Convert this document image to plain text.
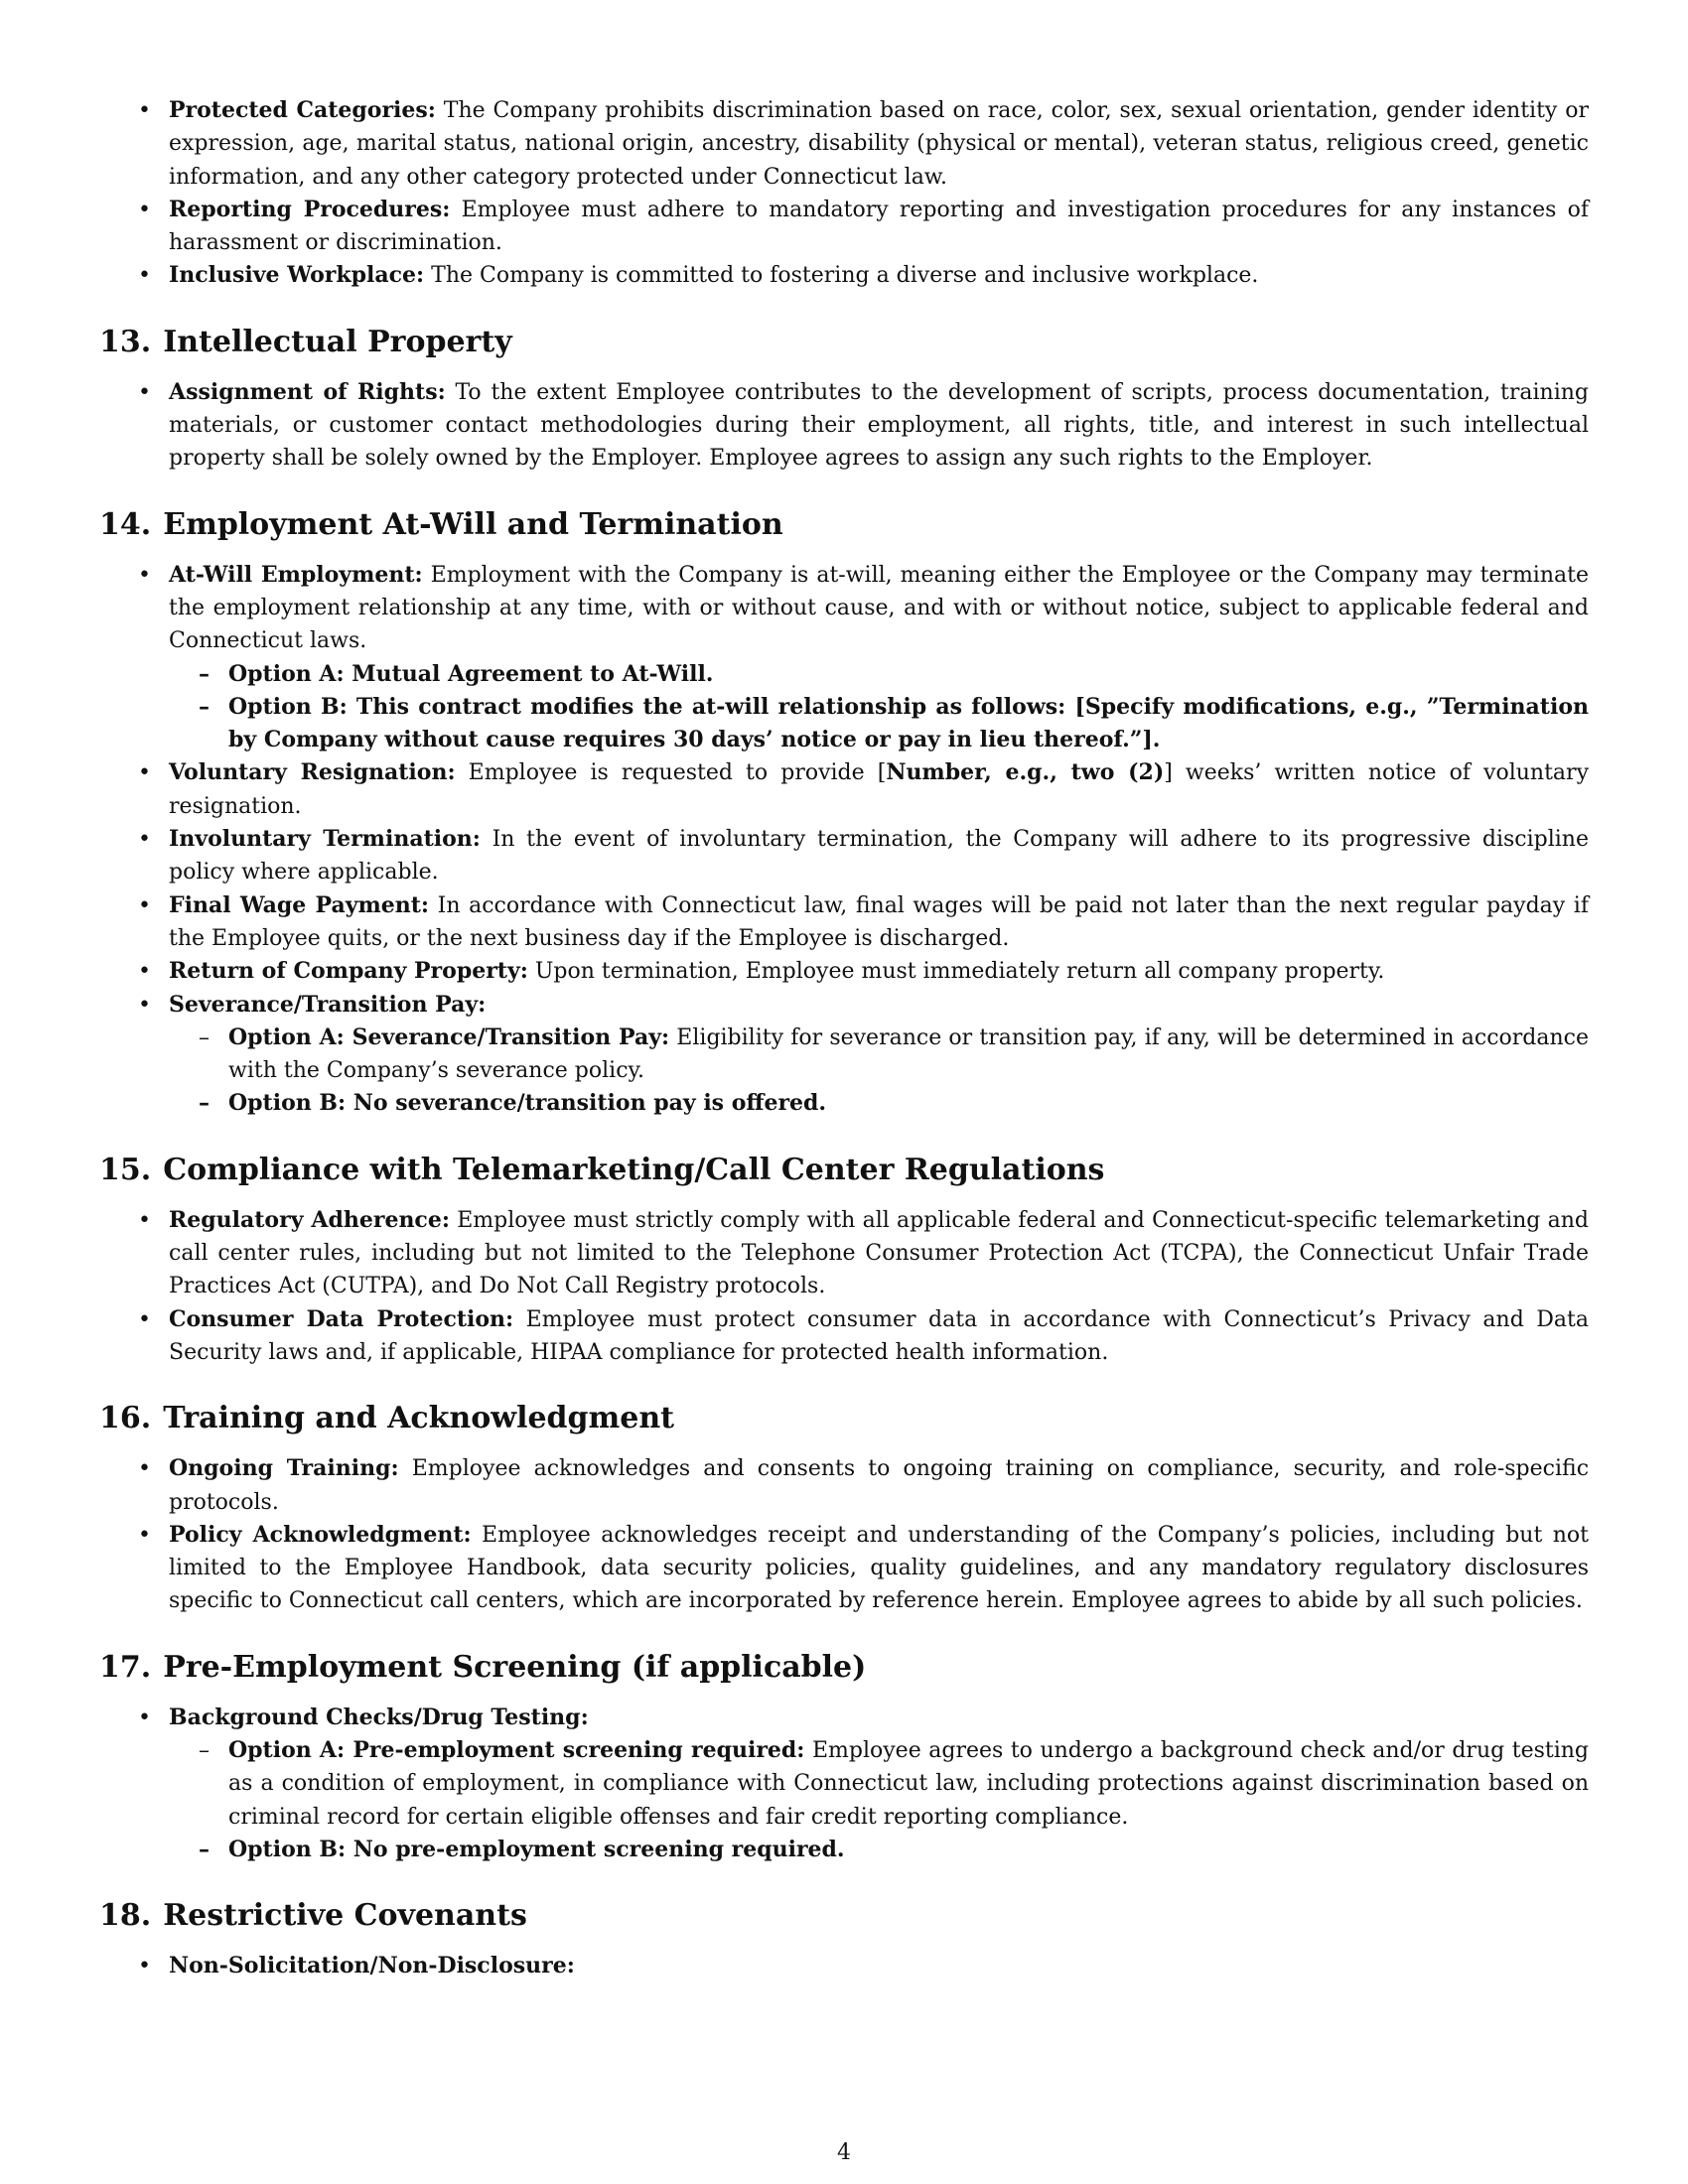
• Protected Categories: The Company prohibits discrimination based on race, color, sex, sexual orientation, gender identity or expression, age, marital status, national origin, ancestry, disability (physical or mental), veteran status, religious creed, genetic information, and any other category protected under Connecticut law.
• Reporting Procedures: Employee must adhere to mandatory reporting and investigation procedures for any instances of harassment or discrimination.
• Inclusive Workplace: The Company is committed to fostering a diverse and inclusive workplace.
13. Intellectual Property
• Assignment of Rights: To the extent Employee contributes to the development of scripts, process documentation, training materials, or customer contact methodologies during their employment, all rights, title, and interest in such intellectual property shall be solely owned by the Employer. Employee agrees to assign any such rights to the Employer.
14. Employment At-Will and Termination
• At-Will Employment: Employment with the Company is at-will, meaning either the Employee or the Company may terminate the employment relationship at any time, with or without cause, and with or without notice, subject to applicable federal and Connecticut laws.
– Option A: Mutual Agreement to At-Will.
– Option B: This contract modifies the at-will relationship as follows: [Specify modifications, e.g., ”Termination by Company without cause requires 30 days’ notice or pay in lieu thereof.”].
• Voluntary Resignation: Employee is requested to provide [Number, e.g., two (2)] weeks’ written notice of voluntary resignation.
• Involuntary Termination: In the event of involuntary termination, the Company will adhere to its progressive discipline policy where applicable.
• Final Wage Payment: In accordance with Connecticut law, final wages will be paid not later than the next regular payday if the Employee quits, or the next business day if the Employee is discharged.
• Return of Company Property: Upon termination, Employee must immediately return all company property.
• Severance/Transition Pay:
– Option A: Severance/Transition Pay: Eligibility for severance or transition pay, if any, will be determined in accordance with the Company’s severance policy.
– Option B: No severance/transition pay is offered.
15. Compliance with Telemarketing/Call Center Regulations
• Regulatory Adherence: Employee must strictly comply with all applicable federal and Connecticut-specific telemarketing and call center rules, including but not limited to the Telephone Consumer Protection Act (TCPA), the Connecticut Unfair Trade Practices Act (CUTPA), and Do Not Call Registry protocols.
• Consumer Data Protection: Employee must protect consumer data in accordance with Connecticut’s Privacy and Data Security laws and, if applicable, HIPAA compliance for protected health information.
16. Training and Acknowledgment
• Ongoing Training: Employee acknowledges and consents to ongoing training on compliance, security, and role-specific protocols.
• Policy Acknowledgment: Employee acknowledges receipt and understanding of the Company’s policies, including but not limited to the Employee Handbook, data security policies, quality guidelines, and any mandatory regulatory disclosures specific to Connecticut call centers, which are incorporated by reference herein. Employee agrees to abide by all such policies.
17. Pre-Employment Screening (if applicable)
• Background Checks/Drug Testing:
– Option A: Pre-employment screening required: Employee agrees to undergo a background check and/or drug testing as a condition of employment, in compliance with Connecticut law, including protections against discrimination based on criminal record for certain eligible offenses and fair credit reporting compliance.
– Option B: No pre-employment screening required.
18. Restrictive Covenants
• Non-Solicitation/Non-Disclosure:
4
